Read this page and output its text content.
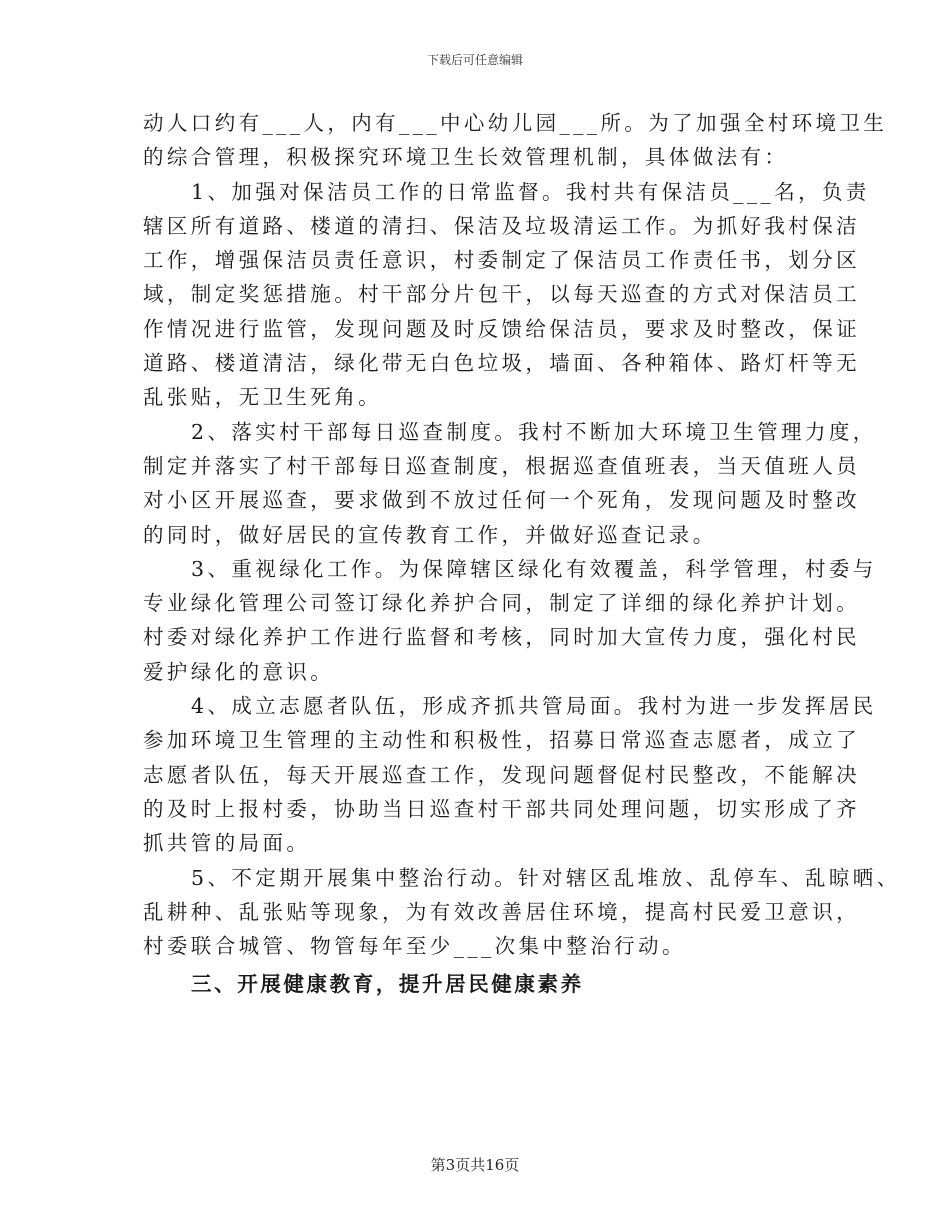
下载后可任意编辑
动人口约有___人，内有___中心幼儿园___所。为了加强全村环境卫生
的综合管理，积极探究环境卫生长效管理机制，具体做法有：
1、加强对保洁员工作的日常监督。我村共有保洁员___名，负责
辖区所有道路、楼道的清扫、保洁及垃圾清运工作。为抓好我村保洁
工作，增强保洁员责任意识，村委制定了保洁员工作责任书，划分区
域，制定奖惩措施。村干部分片包干，以每天巡查的方式对保洁员工
作情况进行监管，发现问题及时反馈给保洁员，要求及时整改，保证
道路、楼道清洁，绿化带无白色垃圾，墙面、各种箱体、路灯杆等无
乱张贴，无卫生死角。
2、落实村干部每日巡查制度。我村不断加大环境卫生管理力度，
制定并落实了村干部每日巡查制度，根据巡查值班表，当天值班人员
对小区开展巡查，要求做到不放过任何一个死角，发现问题及时整改
的同时，做好居民的宣传教育工作，并做好巡查记录。
3、重视绿化工作。为保障辖区绿化有效覆盖，科学管理，村委与
专业绿化管理公司签订绿化养护合同，制定了详细的绿化养护计划。
村委对绿化养护工作进行监督和考核，同时加大宣传力度，强化村民
爱护绿化的意识。
4、成立志愿者队伍，形成齐抓共管局面。我村为进一步发挥居民
参加环境卫生管理的主动性和积极性，招募日常巡查志愿者，成立了
志愿者队伍，每天开展巡查工作，发现问题督促村民整改，不能解决
的及时上报村委，协助当日巡查村干部共同处理问题，切实形成了齐
抓共管的局面。
5、不定期开展集中整治行动。针对辖区乱堆放、乱停车、乱晾晒、
乱耕种、乱张贴等现象，为有效改善居住环境，提高村民爱卫意识，
村委联合城管、物管每年至少___次集中整治行动。
三、开展健康教育，提升居民健康素养
第3页共16页
